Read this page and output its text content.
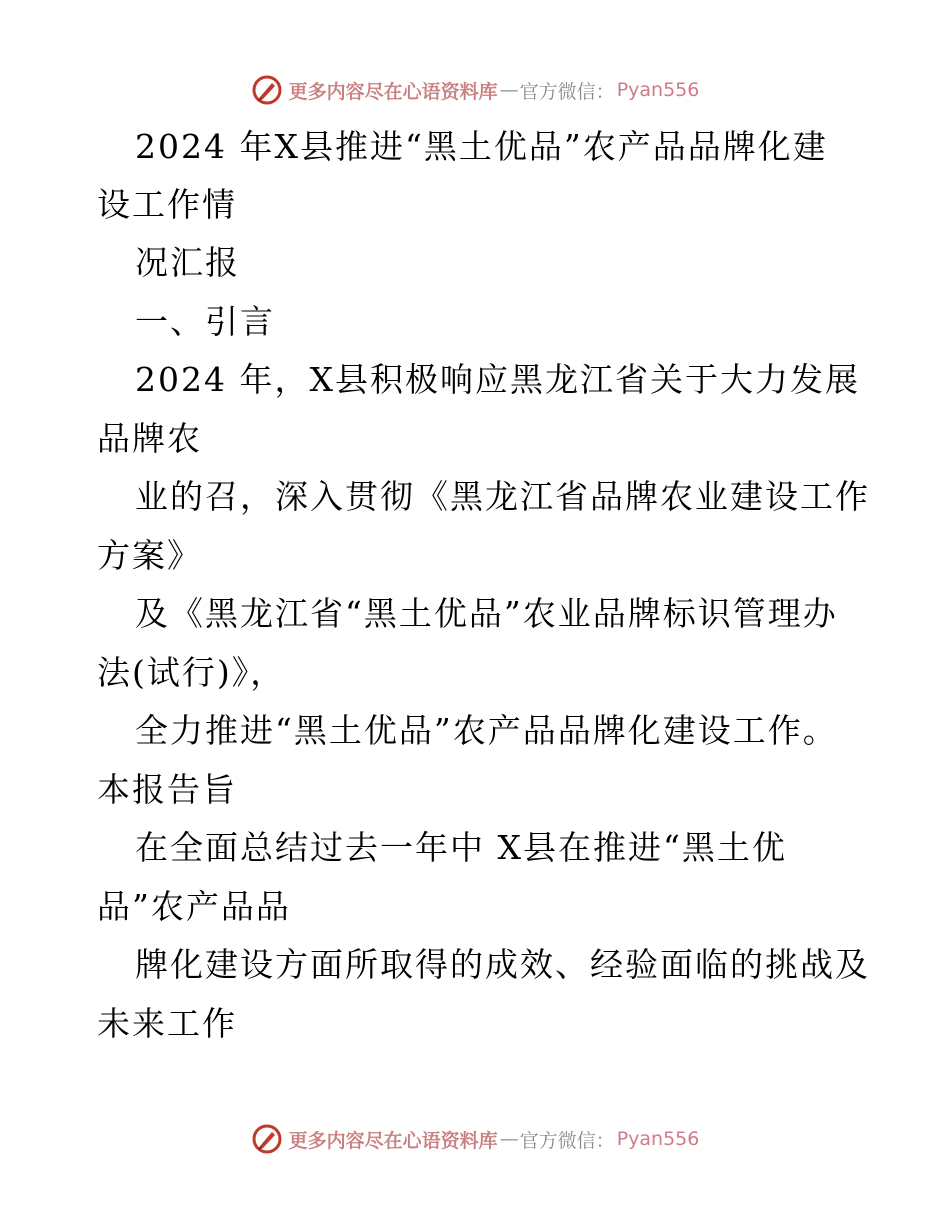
更多内容尽在心语资料库 — 官方微信： Pyan556
2024 年X县推进“黑土优品”农产品品牌化建
设工作情
况汇报
一、引言
2024 年，X县积极响应黑龙江省关于大力发展
品牌农
业的召，深入贯彻《黑龙江省品牌农业建设工作
方案》
及《黑龙江省“黑土优品”农业品牌标识管理办
法(试行)》，
全力推进“黑土优品”农产品品牌化建设工作。
本报告旨
在全面总结过去一年中 X县在推进“黑土优
品”农产品品
牌化建设方面所取得的成效、经验面临的挑战及
未来工作
更多内容尽在心语资料库 — 官方微信： Pyan556
